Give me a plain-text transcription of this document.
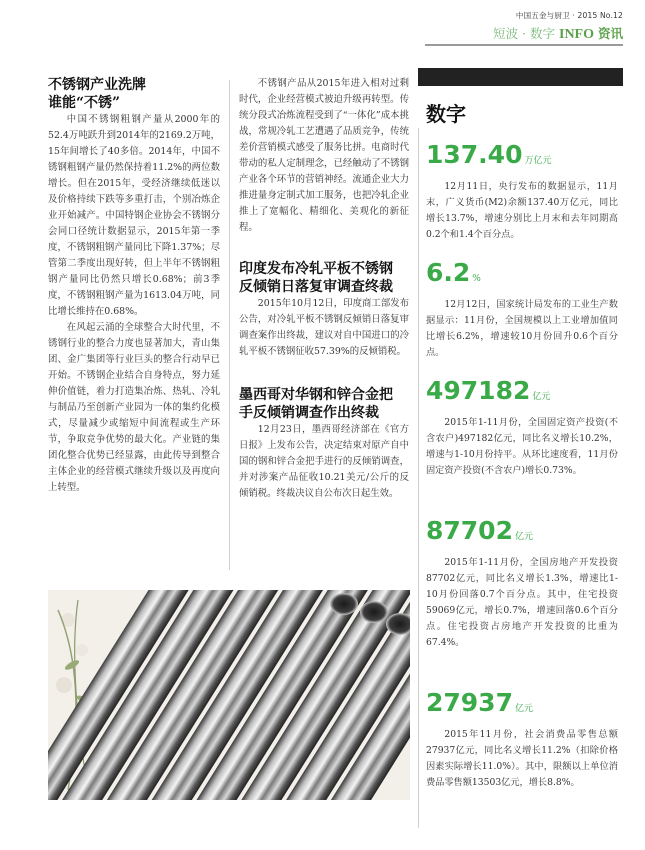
中国五金与厨卫 · 2015 No.12
短波 · 数字 INFO 资讯
不锈钢产业洗牌
谁能“不锈”

中国不锈钢粗钢产量从2000年的52.4万吨跃升到2014年的2169.2万吨，15年间增长了40多倍。2014年，中国不锈钢粗钢产量仍然保持着11.2%的两位数增长。但在2015年，受经济继续低迷以及价格持续下跌等多重打击，个别冶炼企业开始减产。中国特钢企业协会不锈钢分会同口径统计数据显示，2015年第一季度，不锈钢粗钢产量同比下降1.37%；尽管第二季度出现好转，但上半年不锈钢粗钢产量同比仍然只增长0.68%；前3季度，不锈钢粗钢产量为1613.04万吨，同比增长维持在0.68%。

在风起云涌的全球整合大时代里，不锈钢行业的整合力度也显著加大，青山集团、金广集团等行业巨头的整合行动早已开始。不锈钢企业结合自身特点，努力延伸价值链，着力打造集冶炼、热轧、冷轧与制品乃至创新产业园为一体的集约化模式，尽量减少或缩短中间流程或生产环节，争取竞争优势的最大化。产业链的集团化整合优势已经显露，由此传导到整合主体企业的经营模式继续升级以及再度向上转型。

不锈钢产品从2015年进入相对过剩时代，企业经营模式被迫升级再转型。传统分段式冶炼流程受到了“一体化”成本挑战，常规冷轧工艺遭遇了品质竞争，传统差价营销模式感受了服务比拼。电商时代带动的私人定制理念，已经触动了不锈钢产业各个环节的营销神经。流通企业大力推进量身定制式加工服务，也把冷轧企业推上了宽幅化、精细化、美观化的新征程。

印度发布冷轧平板不锈钢
反倾销日落复审调查终裁

2015年10月12日，印度商工部发布公告，对冷轧平板不锈钢反倾销日落复审调查案作出终裁，建议对自中国进口的冷轧平板不锈钢征收57.39%的反倾销税。

墨西哥对华钢和锌合金把
手反倾销调查作出终裁

12月23日，墨西哥经济部在《官方日报》上发布公告，决定结束对原产自中国的钢和锌合金把手进行的反倾销调查，并对涉案产品征收10.21美元/公斤的反倾销税。终裁决议自公布次日起生效。

数字
137.40 万亿元

12月11日，央行发布的数据显示，11月末，广义货币(M2)余额137.40万亿元，同比增长13.7%，增速分别比上月末和去年同期高0.2个和1.4个百分点。

6.2 %

12月12日，国家统计局发布的工业生产数据显示：11月份，全国规模以上工业增加值同比增长6.2%，增速较10月份回升0.6个百分点。

497182 亿元

2015年1-11月份，全国固定资产投资(不含农户)497182亿元，同比名义增长10.2%，增速与1-10月份持平。从环比速度看，11月份固定资产投资(不含农户)增长0.73%。

87702 亿元

2015年1-11月份，全国房地产开发投资87702亿元，同比名义增长1.3%，增速比1-10月份回落0.7个百分点。其中，住宅投资59069亿元，增长0.7%，增速回落0.6个百分点。住宅投资占房地产开发投资的比重为67.4%。

27937 亿元

2015年11月份，社会消费品零售总额27937亿元，同比名义增长11.2%（扣除价格因素实际增长11.0%）。其中，限额以上单位消费品零售额13503亿元，增长8.8%。
